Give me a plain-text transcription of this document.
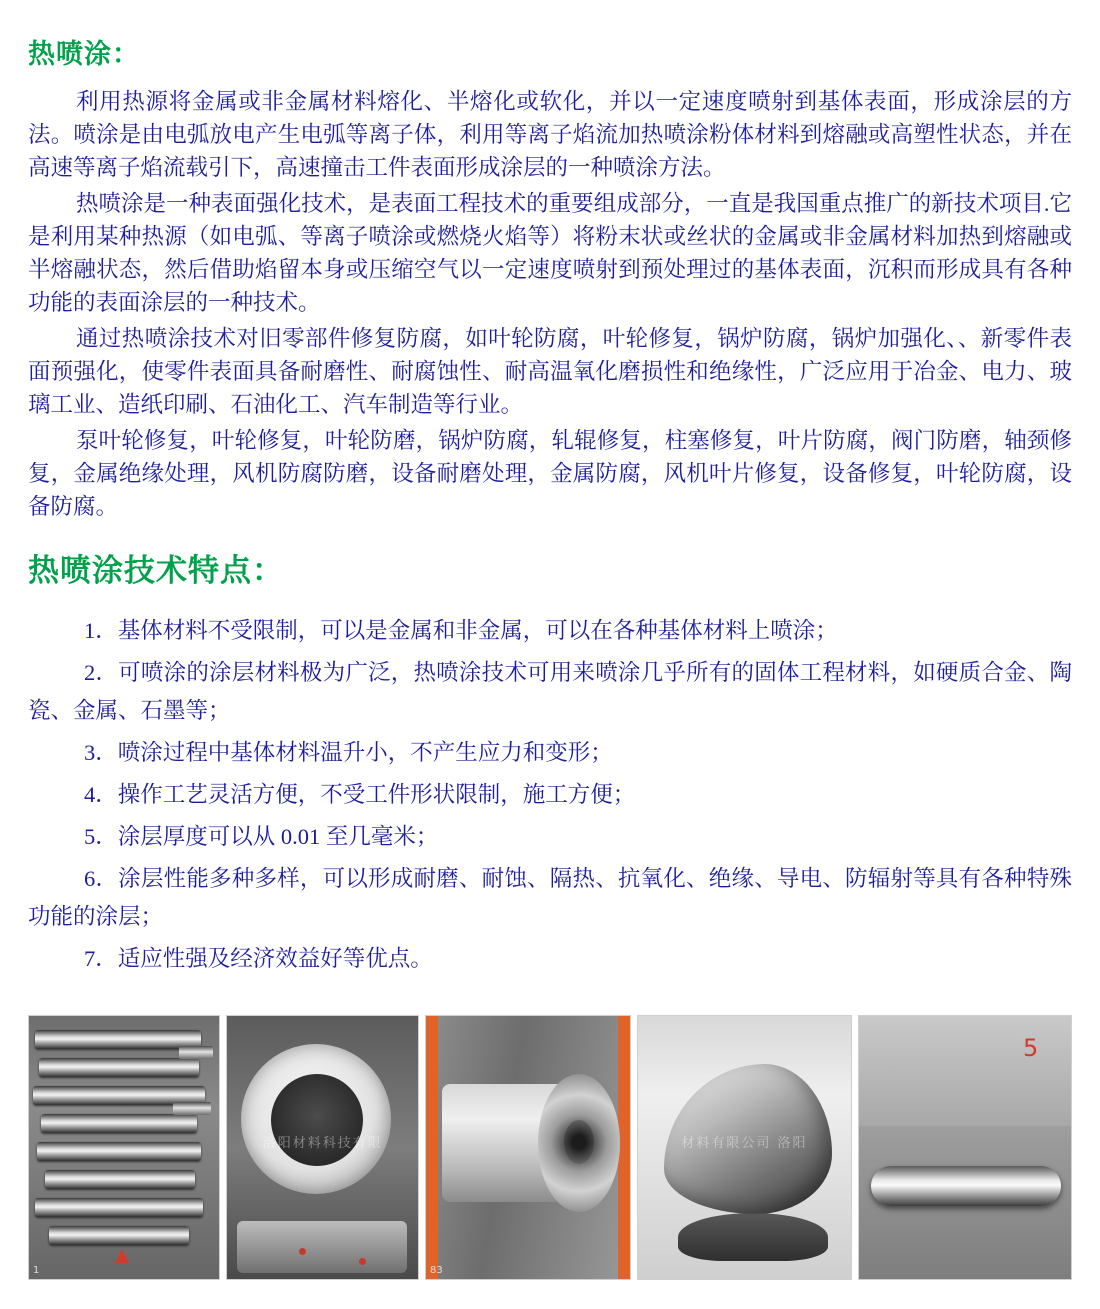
热喷涂：

利用热源将金属或非金属材料熔化、半熔化或软化，并以一定速度喷射到基体表面，形成涂层的方法。喷涂是由电弧放电产生电弧等离子体，利用等离子焰流加热喷涂粉体材料到熔融或高塑性状态，并在高速等离子焰流载引下，高速撞击工件表面形成涂层的一种喷涂方法。

热喷涂是一种表面强化技术，是表面工程技术的重要组成部分，一直是我国重点推广的新技术项目.它是利用某种热源（如电弧、等离子喷涂或燃烧火焰等）将粉末状或丝状的金属或非金属材料加热到熔融或半熔融状态，然后借助焰留本身或压缩空气以一定速度喷射到预处理过的基体表面，沉积而形成具有各种功能的表面涂层的一种技术。

通过热喷涂技术对旧零部件修复防腐，如叶轮防腐，叶轮修复，锅炉防腐，锅炉加强化、、新零件表面预强化，使零件表面具备耐磨性、耐腐蚀性、耐高温氧化磨损性和绝缘性，广泛应用于冶金、电力、玻璃工业、造纸印刷、石油化工、汽车制造等行业。

泵叶轮修复，叶轮修复，叶轮防磨，锅炉防腐，轧辊修复，柱塞修复，叶片防腐，阀门防磨，轴颈修复，金属绝缘处理，风机防腐防磨，设备耐磨处理，金属防腐，风机叶片修复，设备修复，叶轮防腐，设备防腐。

热喷涂技术特点：
1．基体材料不受限制，可以是金属和非金属，可以在各种基体材料上喷涂；
2．可喷涂的涂层材料极为广泛，热喷涂技术可用来喷涂几乎所有的固体工程材料，如硬质合金、陶瓷、金属、石墨等；
3．喷涂过程中基体材料温升小，不产生应力和变形；
4．操作工艺灵活方便，不受工件形状限制，施工方便；
5．涂层厚度可以从 0.01 至几毫米；
6．涂层性能多种多样，可以形成耐磨、耐蚀、隔热、抗氧化、绝缘、导电、防辐射等具有各种特殊功能的涂层；
7．适应性强及经济效益好等优点。
1
洛阳材料科技有限
83
材料有限公司 洛阳
5
